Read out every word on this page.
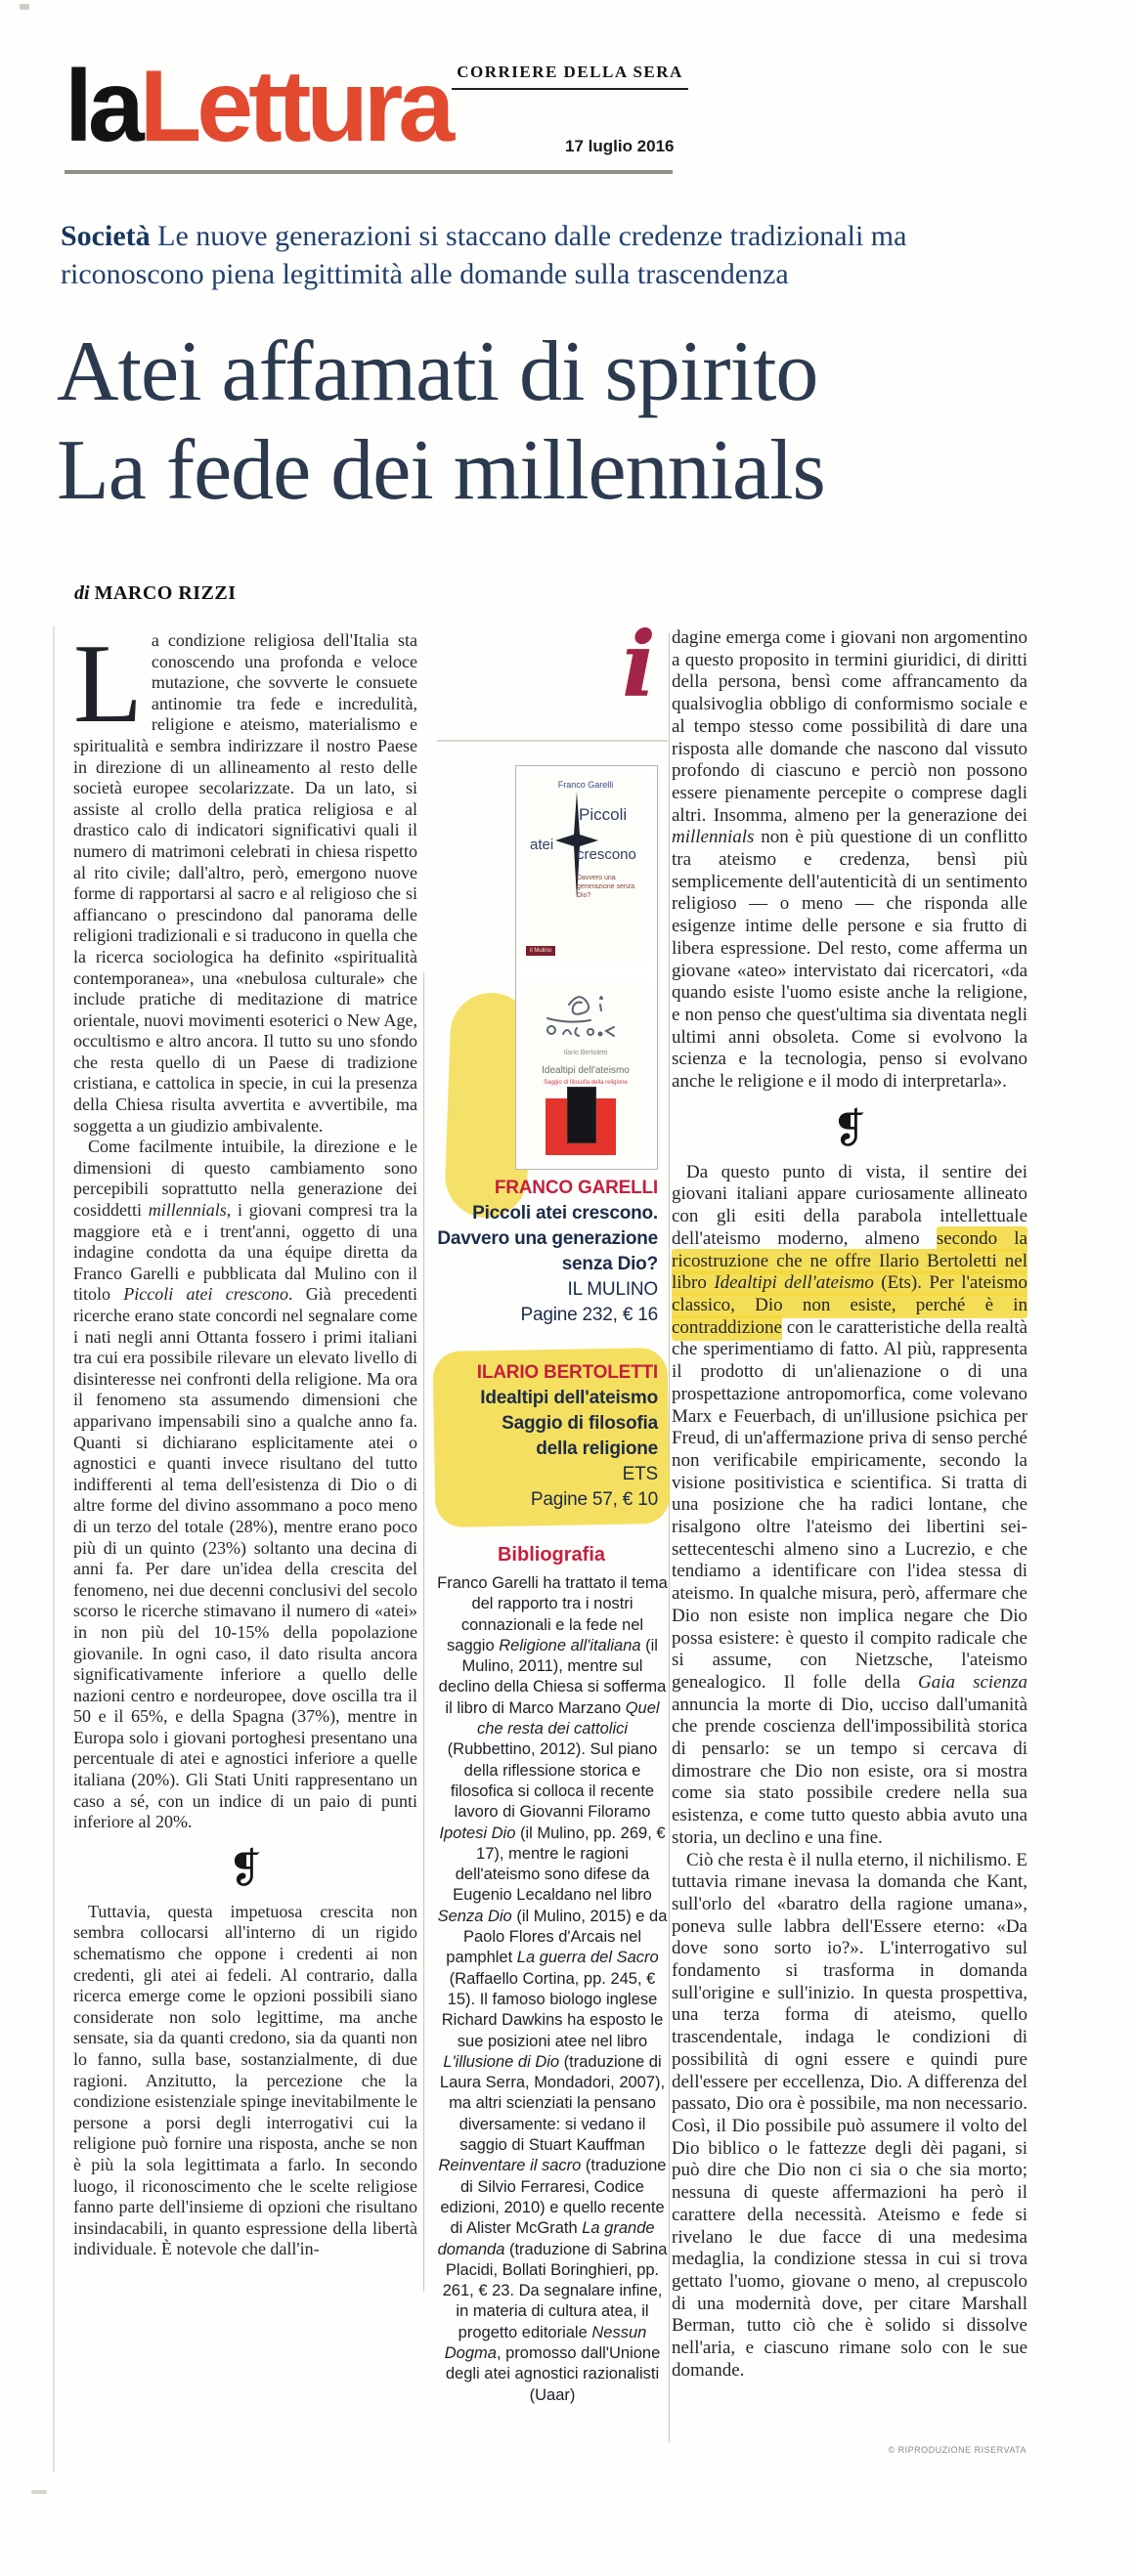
CORRIERE DELLA SERA
laLettura	17 luglio 2016
Società Le nuove generazioni si staccano dalle credenze tradizionali ma riconoscono piena legittimità alle domande sulla trascendenza
Atei affamati di spirito
La fede dei millennials
di MARCO RIZZI

La condizione religiosa dell'Italia sta conoscendo una profonda e veloce mutazione, che sovverte le consuete antinomie tra fede e incredulità, religione e ateismo, materialismo e spiritualità e sembra indirizzare il nostro Paese in direzione di un allineamento al resto delle società europee secolarizzate. Da un lato, si assiste al crollo della pratica religiosa e al drastico calo di indicatori significativi quali il numero di matrimoni celebrati in chiesa rispetto al rito civile; dall'altro, però, emergono nuove forme di rapportarsi al sacro e al religioso che si affiancano o prescindono dal panorama delle religioni tradizionali e si traducono in quella che la ricerca sociologica ha definito «spiritualità contemporanea», una «nebulosa culturale» che include pratiche di meditazione di matrice orientale, nuovi movimenti esoterici o New Age, occultismo e altro ancora. Il tutto su uno sfondo che resta quello di un Paese di tradizione cristiana, e cattolica in specie, in cui la presenza della Chiesa risulta avvertita e avvertibile, ma soggetta a un giudizio ambivalente.

Come facilmente intuibile, la direzione e le dimensioni di questo cambiamento sono percepibili soprattutto nella generazione dei cosiddetti millennials, i giovani compresi tra la maggiore età e i trent'anni, oggetto di una indagine condotta da una équipe diretta da Franco Garelli e pubblicata dal Mulino con il titolo Piccoli atei crescono. Già precedenti ricerche erano state concordi nel segnalare come i nati negli anni Ottanta fossero i primi italiani tra cui era possibile rilevare un elevato livello di disinteresse nei confronti della religione. Ma ora il fenomeno sta assumendo dimensioni che apparivano impensabili sino a qualche anno fa. Quanti si dichiarano esplicitamente atei o agnostici e quanti invece risultano del tutto indifferenti al tema dell'esistenza di Dio o di altre forme del divino assommano a poco meno di un terzo del totale (28%), mentre erano poco più di un quinto (23%) soltanto una decina di anni fa. Per dare un'idea della crescita del fenomeno, nei due decenni conclusivi del secolo scorso le ricerche stimavano il numero di «atei» in non più del 10-15% della popolazione giovanile. In ogni caso, il dato risulta ancora significativamente inferiore a quello delle nazioni centro e nordeuropee, dove oscilla tra il 50 e il 65%, e della Spagna (37%), mentre in Europa solo i giovani portoghesi presentano una percentuale di atei e agnostici inferiore a quelle italiana (20%). Gli Stati Uniti rappresentano un caso a sé, con un indice di un paio di punti inferiore al 20%.

❡

Tuttavia, questa impetuosa crescita non sembra collocarsi all'interno di un rigido schematismo che oppone i credenti ai non credenti, gli atei ai fedeli. Al contrario, dalla ricerca emerge come le opzioni possibili siano considerate non solo legittime, ma anche sensate, sia da quanti credono, sia da quanti non lo fanno, sulla base, sostanzialmente, di due ragioni. Anzitutto, la percezione che la condizione esistenziale spinge inevitabilmente le persone a porsi degli interrogativi cui la religione può fornire una risposta, anche se non è più la sola legittimata a farlo. In secondo luogo, il riconoscimento che le scelte religiose fanno parte dell'insieme di opzioni che risultano insindacabili, in quanto espressione della libertà individuale. È notevole che dall'in-

i
Franco Garelli
Piccoli
atei
crescono
Davvero una generazione senza Dio?
il Mulino
Ilario Bertoletti
Idealtipi dell'ateismo
Saggio di filosofia della religione
FRANCO GARELLI
Piccoli atei crescono.
Davvero una generazione
senza Dio?
IL MULINO
Pagine 232, € 16
ILARIO BERTOLETTI
Idealtipi dell'ateismo
Saggio di filosofia
della religione
ETS
Pagine 57, € 10
Bibliografia
Franco Garelli ha trattato il tema del rapporto tra i nostri connazionali e la fede nel saggio Religione all'italiana (il Mulino, 2011), mentre sul declino della Chiesa si sofferma il libro di Marco Marzano Quel che resta dei cattolici (Rubbettino, 2012). Sul piano della riflessione storica e filosofica si colloca il recente lavoro di Giovanni Filoramo Ipotesi Dio (il Mulino, pp. 269, € 17), mentre le ragioni dell'ateismo sono difese da Eugenio Lecaldano nel libro Senza Dio (il Mulino, 2015) e da Paolo Flores d'Arcais nel pamphlet La guerra del Sacro (Raffaello Cortina, pp. 245, € 15). Il famoso biologo inglese Richard Dawkins ha esposto le sue posizioni atee nel libro L'illusione di Dio (traduzione di Laura Serra, Mondadori, 2007), ma altri scienziati la pensano diversamente: si vedano il saggio di Stuart Kauffman Reinventare il sacro (traduzione di Silvio Ferraresi, Codice edizioni, 2010) e quello recente di Alister McGrath La grande domanda (traduzione di Sabrina Placidi, Bollati Boringhieri, pp. 261, € 23. Da segnalare infine, in materia di cultura atea, il progetto editoriale Nessun Dogma, promosso dall'Unione degli atei agnostici razionalisti (Uaar)

dagine emerga come i giovani non argomentino a questo proposito in termini giuridici, di diritti della persona, bensì come affrancamento da qualsivoglia obbligo di conformismo sociale e al tempo stesso come possibilità di dare una risposta alle domande che nascono dal vissuto profondo di ciascuno e perciò non possono essere pienamente percepite o comprese dagli altri. Insomma, almeno per la generazione dei millennials non è più questione di un conflitto tra ateismo e credenza, bensì più semplicemente dell'autenticità di un sentimento religioso — o meno — che risponda alle esigenze intime delle persone e sia frutto di libera espressione. Del resto, come afferma un giovane «ateo» intervistato dai ricercatori, «da quando esiste l'uomo esiste anche la religione, e non penso che quest'ultima sia diventata negli ultimi anni obsoleta. Come si evolvono la scienza e la tecnologia, penso si evolvano anche le religione e il modo di interpretarla».

❡

Da questo punto di vista, il sentire dei giovani italiani appare curiosamente allineato con gli esiti della parabola intellettuale dell'ateismo moderno, almeno secondo la ricostruzione che ne offre Ilario Bertoletti nel libro Idealtipi dell'ateismo (Ets). Per l'ateismo classico, Dio non esiste, perché è in contraddizione con le caratteristiche della realtà che sperimentiamo di fatto. Al più, rappresenta il prodotto di un'alienazione o di una prospettazione antropomorfica, come volevano Marx e Feuerbach, di un'illusione psichica per Freud, di un'affermazione priva di senso perché non verificabile empiricamente, secondo la visione positivistica e scientifica. Si tratta di una posizione che ha radici lontane, che risalgono oltre l'ateismo dei libertini sei-settecenteschi almeno sino a Lucrezio, e che tendiamo a identificare con l'idea stessa di ateismo. In qualche misura, però, affermare che Dio non esiste non implica negare che Dio possa esistere: è questo il compito radicale che si assume, con Nietzsche, l'ateismo genealogico. Il folle della Gaia scienza annuncia la morte di Dio, ucciso dall'umanità che prende coscienza dell'impossibilità storica di pensarlo: se un tempo si cercava di dimostrare che Dio non esiste, ora si mostra come sia stato possibile credere nella sua esistenza, e come tutto questo abbia avuto una storia, un declino e una fine.

Ciò che resta è il nulla eterno, il nichilismo. E tuttavia rimane inevasa la domanda che Kant, sull'orlo del «baratro della ragione umana», poneva sulle labbra dell'Essere eterno: «Da dove sono sorto io?». L'interrogativo sul fondamento si trasforma in domanda sull'origine e sull'inizio. In questa prospettiva, una terza forma di ateismo, quello trascendentale, indaga le condizioni di possibilità di ogni essere e quindi pure dell'essere per eccellenza, Dio. A differenza del passato, Dio ora è possibile, ma non necessario. Così, il Dio possibile può assumere il volto del Dio biblico o le fattezze degli dèi pagani, si può dire che Dio non ci sia o che sia morto; nessuna di queste affermazioni ha però il carattere della necessità. Ateismo e fede si rivelano le due facce di una medesima medaglia, la condizione stessa in cui si trova gettato l'uomo, giovane o meno, al crepuscolo di una modernità dove, per citare Marshall Berman, tutto ciò che è solido si dissolve nell'aria, e ciascuno rimane solo con le sue domande.

© RIPRODUZIONE RISERVATA
